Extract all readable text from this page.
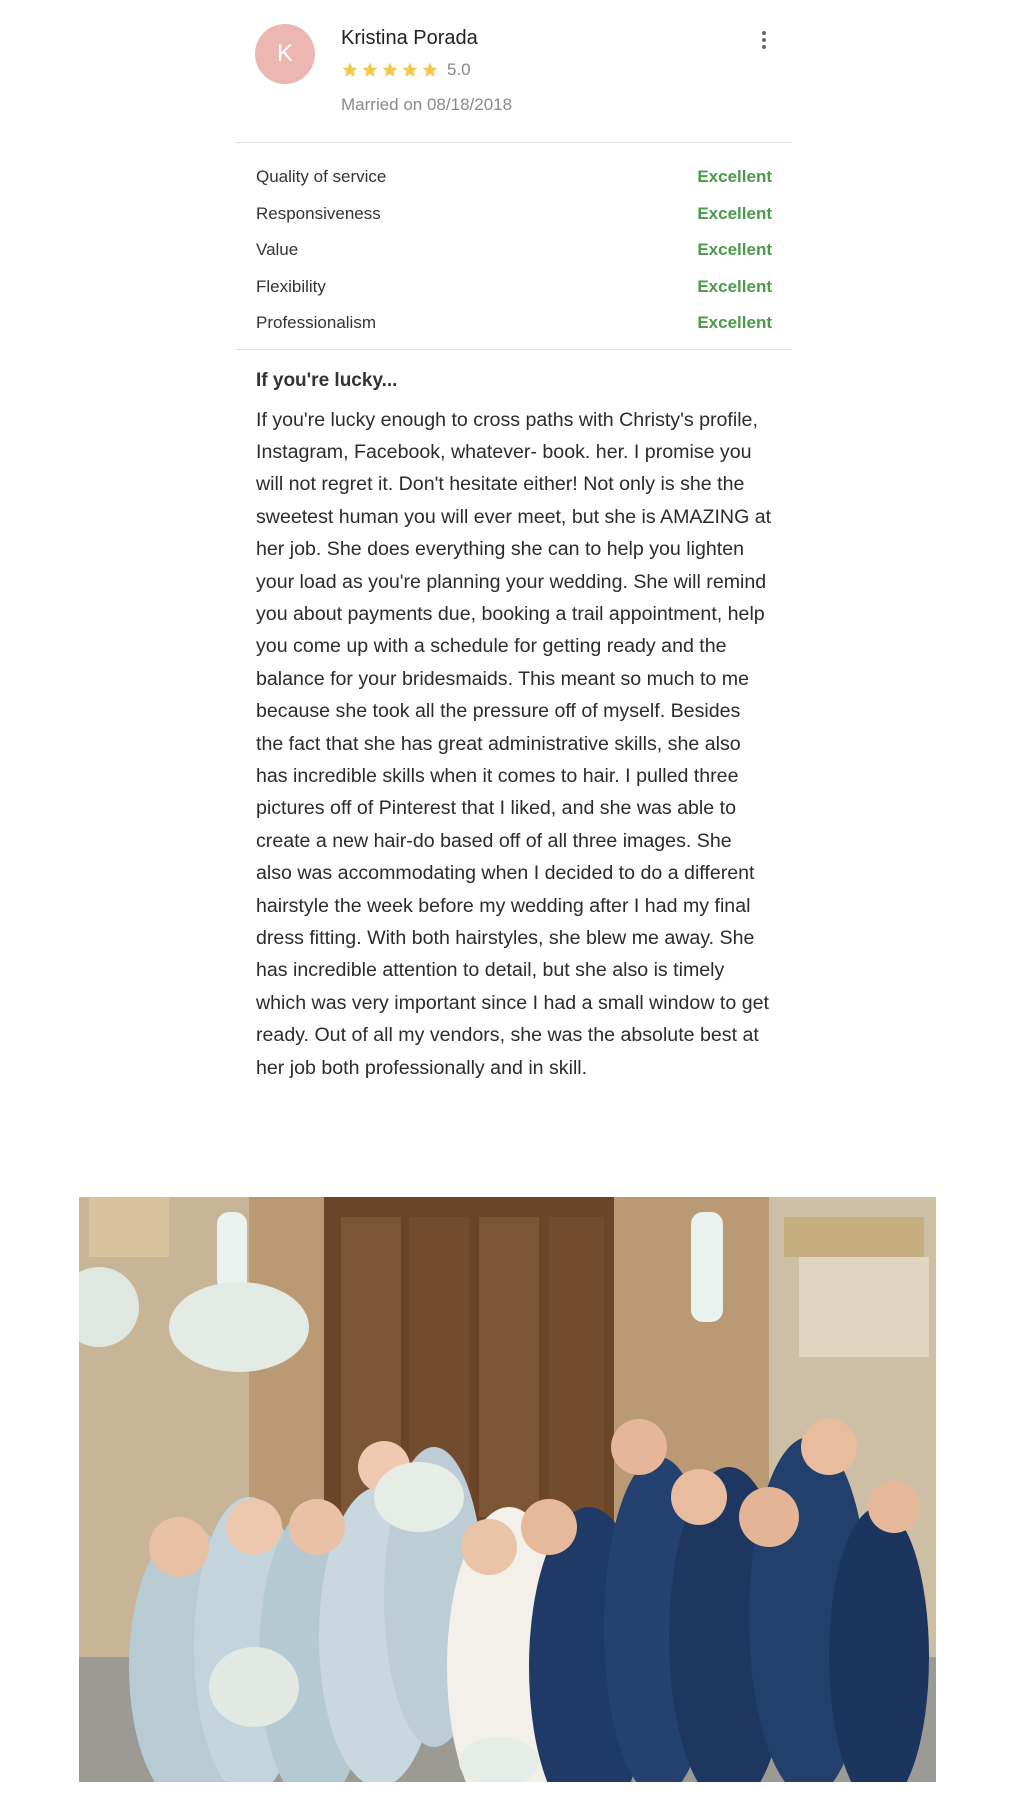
K
Kristina Porada
5.0
Married on 08/18/2018
Quality of service	Excellent
Responsiveness	Excellent
Value	Excellent
Flexibility	Excellent
Professionalism	Excellent
If you're lucky...
If you're lucky enough to cross paths with Christy's profile, Instagram, Facebook, whatever- book. her. I promise you will not regret it. Don't hesitate either! Not only is she the sweetest human you will ever meet, but she is AMAZING at her job. She does everything she can to help you lighten your load as you're planning your wedding. She will remind you about payments due, booking a trail appointment, help you come up with a schedule for getting ready and the balance for your bridesmaids. This meant so much to me because she took all the pressure off of myself. Besides the fact that she has great administrative skills, she also has incredible skills when it comes to hair. I pulled three pictures off of Pinterest that I liked, and she was able to create a new hair-do based off of all three images. She also was accommodating when I decided to do a different hairstyle the week before my wedding after I had my final dress fitting. With both hairstyles, she blew me away. She has incredible attention to detail, but she also is timely which was very important since I had a small window to get ready. Out of all my vendors, she was the absolute best at her job both professionally and in skill.
